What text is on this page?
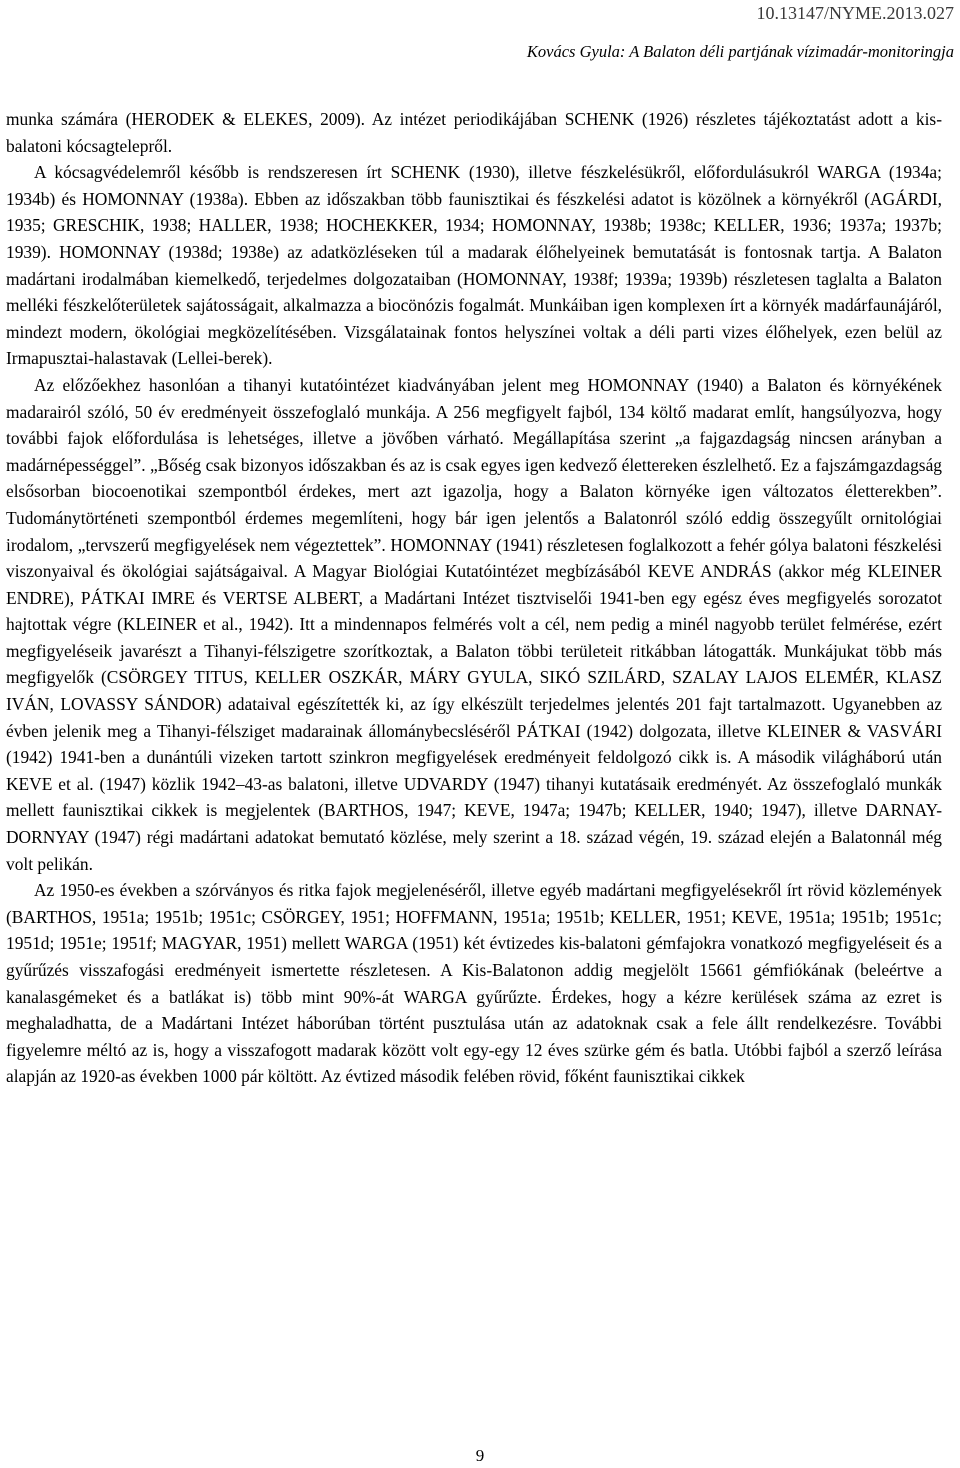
10.13147/NYME.2013.027
Kovács Gyula: A Balaton déli partjának vízimadár-monitoringja

munka számára (HERODEK & ELEKES, 2009). Az intézet periodikájában SCHENK (1926) részletes tájékoztatást adott a kis-balatoni kócsagtelepről.

A kócsagvédelemről később is rendszeresen írt SCHENK (1930), illetve fészkelésükről, előfordulásukról WARGA (1934a; 1934b) és HOMONNAY (1938a). Ebben az időszakban több faunisztikai és fészkelési adatot is közölnek a környékről (AGÁRDI, 1935; GRESCHIK, 1938; HALLER, 1938; HOCHEKKER, 1934; HOMONNAY, 1938b; 1938c; KELLER, 1936; 1937a; 1937b; 1939). HOMONNAY (1938d; 1938e) az adatközléseken túl a madarak élőhelyeinek bemutatását is fontosnak tartja. A Balaton madártani irodalmában kiemelkedő, terjedelmes dolgozataiban (HOMONNAY, 1938f; 1939a; 1939b) részletesen taglalta a Balaton melléki fészkelőterületek sajátosságait, alkalmazza a biocönózis fogalmát. Munkáiban igen komplexen írt a környék madárfaunájáról, mindezt modern, ökológiai megközelítésében. Vizsgálatainak fontos helyszínei voltak a déli parti vizes élőhelyek, ezen belül az Irmapusztai-halastavak (Lellei-berek).

Az előzőekhez hasonlóan a tihanyi kutatóintézet kiadványában jelent meg HOMONNAY (1940) a Balaton és környékének madarairól szóló, 50 év eredményeit összefoglaló munkája. A 256 megfigyelt fajból, 134 költő madarat említ, hangsúlyozva, hogy további fajok előfordulása is lehetséges, illetve a jövőben várható. Megállapítása szerint „a fajgazdagság nincsen arányban a madárnépességgel”. „Bőség csak bizonyos időszakban és az is csak egyes igen kedvező élettereken észlelhető. Ez a fajszámgazdagság elsősorban biocoenotikai szempontból érdekes, mert azt igazolja, hogy a Balaton környéke igen változatos életterekben”. Tudománytörténeti szempontból érdemes megemlíteni, hogy bár igen jelentős a Balatonról szóló eddig összegyűlt ornitológiai irodalom, „tervszerű megfigyelések nem végeztettek”. HOMONNAY (1941) részletesen foglalkozott a fehér gólya balatoni fészkelési viszonyaival és ökológiai sajátságaival. A Magyar Biológiai Kutatóintézet megbízásából KEVE ANDRÁS (akkor még KLEINER ENDRE), PÁTKAI IMRE és VERTSE ALBERT, a Madártani Intézet tisztviselői 1941-ben egy egész éves megfigyelés sorozatot hajtottak végre (KLEINER et al., 1942). Itt a mindennapos felmérés volt a cél, nem pedig a minél nagyobb terület felmérése, ezért megfigyeléseik javarészt a Tihanyi-félszigetre szorítkoztak, a Balaton többi területeit ritkábban látogatták. Munkájukat több más megfigyelők (CSÖRGEY TITUS, KELLER OSZKÁR, MÁRY GYULA, SIKÓ SZILÁRD, SZALAY LAJOS ELEMÉR, KLASZ IVÁN, LOVASSY SÁNDOR) adataival egészítették ki, az így elkészült terjedelmes jelentés 201 fajt tartalmazott. Ugyanebben az évben jelenik meg a Tihanyi-félsziget madarainak állománybecsléséről PÁTKAI (1942) dolgozata, illetve KLEINER & VASVÁRI (1942) 1941-ben a dunántúli vizeken tartott szinkron megfigyelések eredményeit feldolgozó cikk is. A második világháború után KEVE et al. (1947) közlik 1942–43-as balatoni, illetve UDVARDY (1947) tihanyi kutatásaik eredményét. Az összefoglaló munkák mellett faunisztikai cikkek is megjelentek (BARTHOS, 1947; KEVE, 1947a; 1947b; KELLER, 1940; 1947), illetve DARNAY-DORNYAY (1947) régi madártani adatokat bemutató közlése, mely szerint a 18. század végén, 19. század elején a Balatonnál még volt pelikán.

Az 1950-es években a szórványos és ritka fajok megjelenéséről, illetve egyéb madártani megfigyelésekről írt rövid közlemények (BARTHOS, 1951a; 1951b; 1951c; CSÖRGEY, 1951; HOFFMANN, 1951a; 1951b; KELLER, 1951; KEVE, 1951a; 1951b; 1951c; 1951d; 1951e; 1951f; MAGYAR, 1951) mellett WARGA (1951) két évtizedes kis-balatoni gémfajokra vonatkozó megfigyeléseit és a gyűrűzés visszafogási eredményeit ismertette részletesen. A Kis-Balatonon addig megjelölt 15661 gémfiókának (beleértve a kanalasgémeket és a batlákat is) több mint 90%-át WARGA gyűrűzte. Érdekes, hogy a kézre kerülések száma az ezret is meghaladhatta, de a Madártani Intézet háborúban történt pusztulása után az adatoknak csak a fele állt rendelkezésre. További figyelemre méltó az is, hogy a visszafogott madarak között volt egy-egy 12 éves szürke gém és batla. Utóbbi fajból a szerző leírása alapján az 1920-as években 1000 pár költött. Az évtized második felében rövid, főként faunisztikai cikkek

9
